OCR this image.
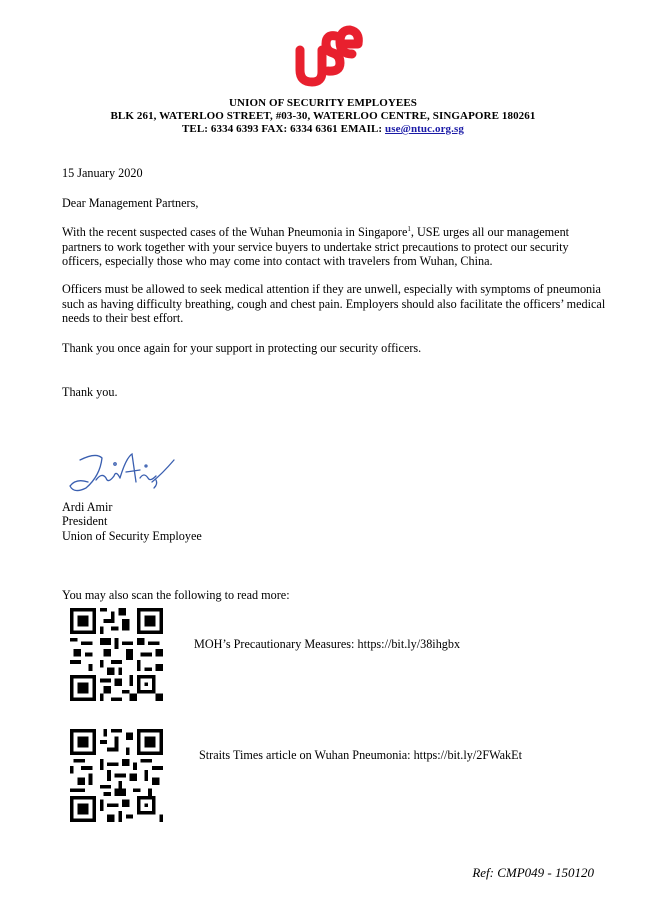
UNION OF SECURITY EMPLOYEES
BLK 261, WATERLOO STREET, #03-30, WATERLOO CENTRE, SINGAPORE 180261
TEL: 6334 6393 FAX: 6334 6361 EMAIL: use@ntuc.org.sg
15 January 2020
Dear Management Partners,
With the recent suspected cases of the Wuhan Pneumonia in Singapore$^1$, USE urges all our management partners to work together with your service buyers to undertake strict precautions to protect our security officers, especially those who may come into contact with travelers from Wuhan, China.
Officers must be allowed to seek medical attention if they are unwell, especially with symptoms of pneumonia such as having difficulty breathing, cough and chest pain. Employers should also facilitate the officers’ medical needs to their best effort.
Thank you once again for your support in protecting our security officers.
Thank you.
Ardi Amir
President
Union of Security Employee
You may also scan the following to read more:
MOH’s Precautionary Measures: https://bit.ly/38ihgbx
Straits Times article on Wuhan Pneumonia: https://bit.ly/2FWakEt
Ref: CMP049 - 150120
